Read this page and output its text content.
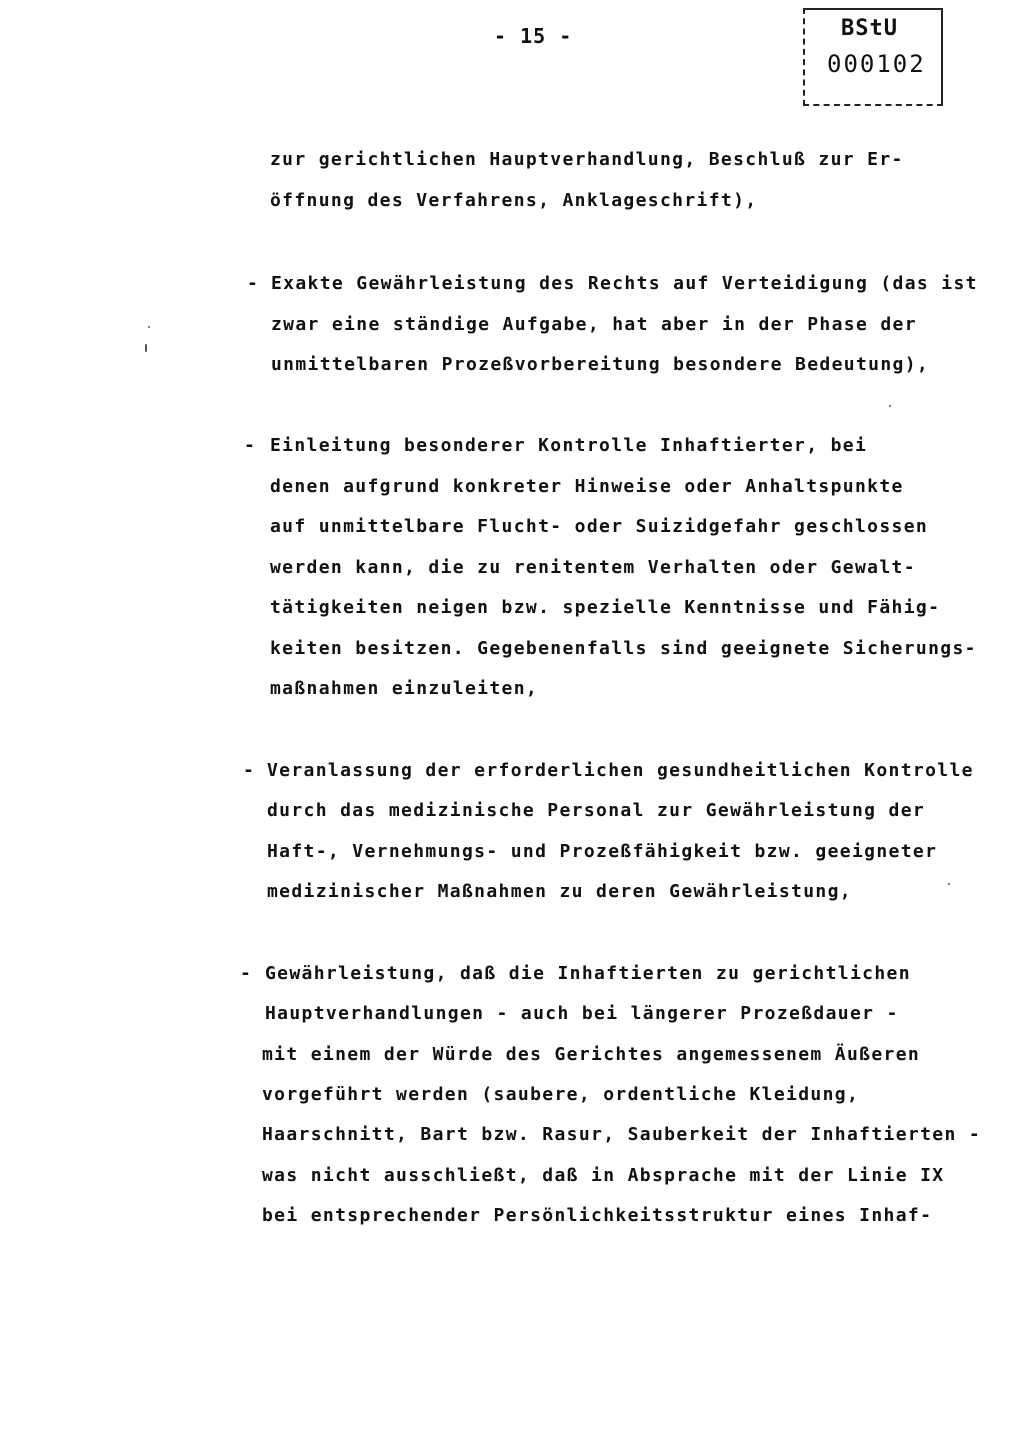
- 15 -	BStU
000102
zur gerichtlichen Hauptverhandlung, Beschluß zur Er-
öffnung des Verfahrens, Anklageschrift),
- Exakte Gewährleistung des Rechts auf Verteidigung (das ist
zwar eine ständige Aufgabe, hat aber in der Phase der
unmittelbaren Prozeßvorbereitung besondere Bedeutung),
- Einleitung besonderer Kontrolle Inhaftierter, bei
denen aufgrund konkreter Hinweise oder Anhaltspunkte
auf unmittelbare Flucht- oder Suizidgefahr geschlossen
werden kann, die zu renitentem Verhalten oder Gewalt-
tätigkeiten neigen bzw. spezielle Kenntnisse und Fähig-
keiten besitzen. Gegebenenfalls sind geeignete Sicherungs-
maßnahmen einzuleiten,
- Veranlassung der erforderlichen gesundheitlichen Kontrolle
durch das medizinische Personal zur Gewährleistung der
Haft-, Vernehmungs- und Prozeßfähigkeit bzw. geeigneter
medizinischer Maßnahmen zu deren Gewährleistung,
- Gewährleistung, daß die Inhaftierten zu gerichtlichen
Hauptverhandlungen - auch bei längerer Prozeßdauer -
mit einem der Würde des Gerichtes angemessenem Äußeren
vorgeführt werden (saubere, ordentliche Kleidung,
Haarschnitt, Bart bzw. Rasur, Sauberkeit der Inhaftierten -
was nicht ausschließt, daß in Absprache mit der Linie IX
bei entsprechender Persönlichkeitsstruktur eines Inhaf-
